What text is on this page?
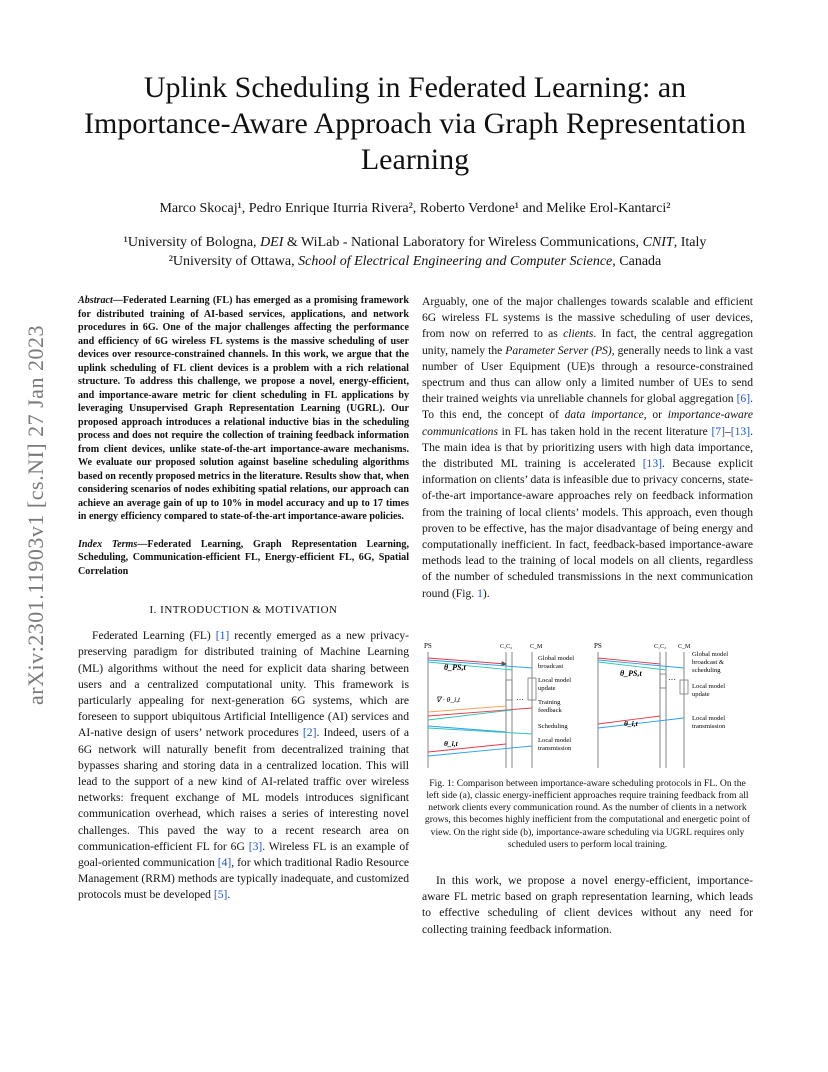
arXiv:2301.11903v1 [cs.NI] 27 Jan 2023
Uplink Scheduling in Federated Learning: an Importance-Aware Approach via Graph Representation Learning
Marco Skocaj¹, Pedro Enrique Iturria Rivera², Roberto Verdone¹ and Melike Erol-Kantarci²
¹University of Bologna, DEI & WiLab - National Laboratory for Wireless Communications, CNIT, Italy
²University of Ottawa, School of Electrical Engineering and Computer Science, Canada

Abstract—Federated Learning (FL) has emerged as a promising framework for distributed training of AI-based services, applications, and network procedures in 6G. One of the major challenges affecting the performance and efficiency of 6G wireless FL systems is the massive scheduling of user devices over resource-constrained channels. In this work, we argue that the uplink scheduling of FL client devices is a problem with a rich relational structure. To address this challenge, we propose a novel, energy-efficient, and importance-aware metric for client scheduling in FL applications by leveraging Unsupervised Graph Representation Learning (UGRL). Our proposed approach introduces a relational inductive bias in the scheduling process and does not require the collection of training feedback information from client devices, unlike state-of-the-art importance-aware mechanisms. We evaluate our proposed solution against baseline scheduling algorithms based on recently proposed metrics in the literature. Results show that, when considering scenarios of nodes exhibiting spatial relations, our approach can achieve an average gain of up to 10% in model accuracy and up to 17 times in energy efficiency compared to state-of-the-art importance-aware policies.

Index Terms—Federated Learning, Graph Representation Learning, Scheduling, Communication-efficient FL, Energy-efficient FL, 6G, Spatial Correlation

I. INTRODUCTION & MOTIVATION

Federated Learning (FL) [1] recently emerged as a new privacy-preserving paradigm for distributed training of Machine Learning (ML) algorithms without the need for explicit data sharing between users and a centralized computational unity. This framework is particularly appealing for next-generation 6G systems, which are foreseen to support ubiquitous Artificial Intelligence (AI) services and AI-native design of users’ network procedures [2]. Indeed, users of a 6G network will naturally benefit from decentralized training that bypasses sharing and storing data in a centralized location. This will lead to the support of a new kind of AI-related traffic over wireless networks: frequent exchange of ML models introduces significant communication overhead, which raises a series of interesting novel challenges. This paved the way to a recent research area on communication-efficient FL for 6G [3]. Wireless FL is an example of goal-oriented communication [4], for which traditional Radio Resource Management (RRM) methods are typically inadequate, and customized protocols must be developed [5].

Arguably, one of the major challenges towards scalable and efficient 6G wireless FL systems is the massive scheduling of user devices, from now on referred to as clients. In fact, the central aggregation unity, namely the Parameter Server (PS), generally needs to link a vast number of User Equipment (UE)s through a resource-constrained spectrum and thus can allow only a limited number of UEs to send their trained weights via unreliable channels for global aggregation [6]. To this end, the concept of data importance, or importance-aware communications in FL has taken hold in the recent literature [7]–[13]. The main idea is that by prioritizing users with high data importance, the distributed ML training is accelerated [13]. Because explicit information on clients’ data is infeasible due to privacy concerns, state-of-the-art importance-aware approaches rely on feedback information from the training of local clients’ models. This approach, even though proven to be effective, has the major disadvantage of being energy and computationally inefficient. In fact, feedback-based importance-aware methods lead to the training of local models on all clients, regardless of the number of scheduled transmissions in the next communication round (Fig. 1).

PS	C₁C₂	C_M
θ_PS,t
∇ · θ_i,t
θ_i,t
…
Global model
broadcast
Local model
update
Training
feedback
Scheduling
Local model
transmission
PS	C₁C₂ C_M
θ_PS,t
θ_i,t
…
Global model
broadcast &
scheduling
Local model
update
Local model
transmission
Fig. 1: Comparison between importance-aware scheduling protocols in FL. On the left side (a), classic energy-inefficient approaches require training feedback from all network clients every communication round. As the number of clients in a network grows, this becomes highly inefficient from the computational and energetic point of view. On the right side (b), importance-aware scheduling via UGRL requires only scheduled users to perform local training.

In this work, we propose a novel energy-efficient, importance-aware FL metric based on graph representation learning, which leads to effective scheduling of client devices without any need for collecting training feedback information.
